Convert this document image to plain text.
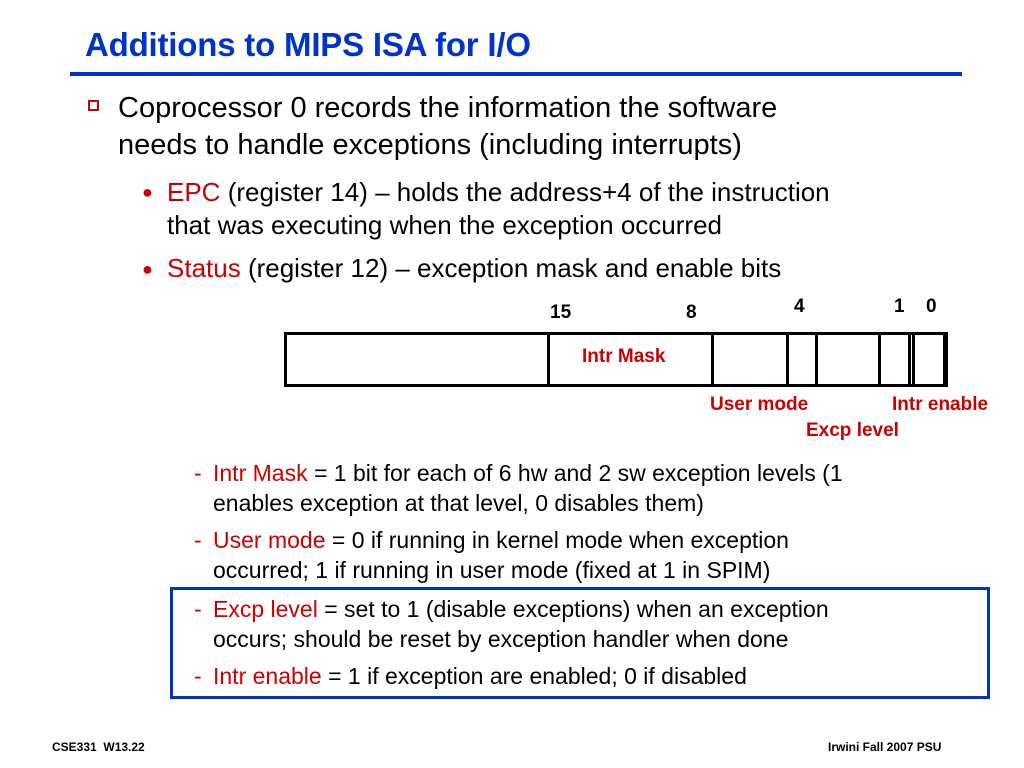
Additions to MIPS ISA for I/O
Coprocessor 0 records the information the software
needs to handle exceptions (including interrupts)
● EPC (register 14) – holds the address+4 of the instruction
that was executing when the exception occurred
● Status (register 12) – exception mask and enable bits
15	8	4	1 0
Intr Mask
User mode	Intr enable
Excp level
- Intr Mask = 1 bit for each of 6 hw and 2 sw exception levels (1
enables exception at that level, 0 disables them)
- User mode = 0 if running in kernel mode when exception
occurred; 1 if running in user mode (fixed at 1 in SPIM)
- Excp level = set to 1 (disable exceptions) when an exception
occurs; should be reset by exception handler when done
- Intr enable = 1 if exception are enabled; 0 if disabled
CSE331  W13.22	Irwini Fall 2007 PSU
